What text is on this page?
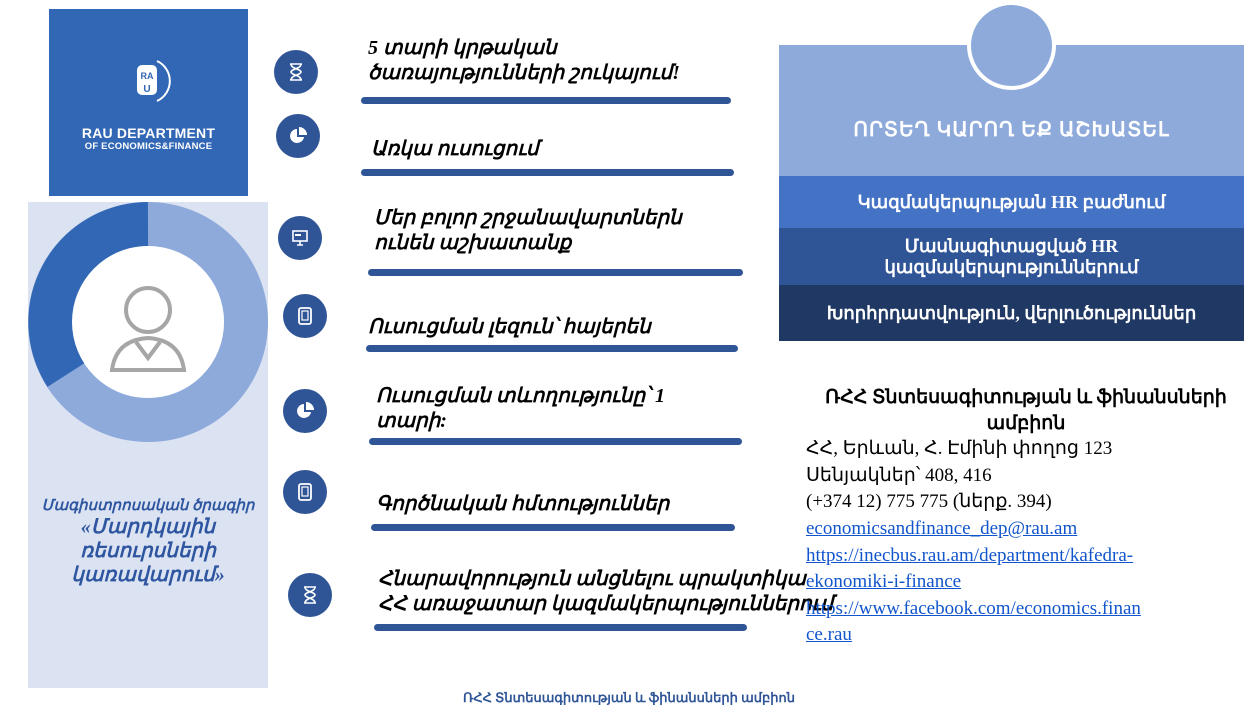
RA
U
RAU DEPARTMENT
OF ECONOMICS&FINANCE
Մագիստրոսական ծրագիր
«Մարդկային ռեսուրսների կառավարում»
5 տարի կրթական
ծառայությունների շուկայում!
Առկա ուսուցում
Մեր բոլոր շրջանավարտներն
ունեն աշխատանք
Ուսուցման լեզուն՝ հայերեն
Ուսուցման տևողությունը՝ 1
տարի:
Գործնական հմտություններ
Հնարավորություն անցնելու պրակտիկա
ՀՀ առաջատար կազմակերպություններում
ՈՐՏԵՂ ԿԱՐՈՂ ԵՔ ԱՇԽԱՏԵԼ
Կազմակերպության HR բաժնում
Մասնագիտացված HR կազմակերպություններում
Խորհրդատվություն, վերլուծություններ
ՌՀՀ Տնտեսագիտության և ֆինանսների ամբիոն
ՀՀ, Երևան, Հ. Էմինի փողոց 123
Սենյակներ՝ 408, 416
(+374 12) 775 775 (ներք. 394)
economicsandfinance_dep@rau.am
https://inecbus.rau.am/department/kafedra-
ekonomiki-i-finance
https://www.facebook.com/economics.finan
ce.rau
ՌՀՀ Տնտեսագիտության և ֆինանսների ամբիոն
